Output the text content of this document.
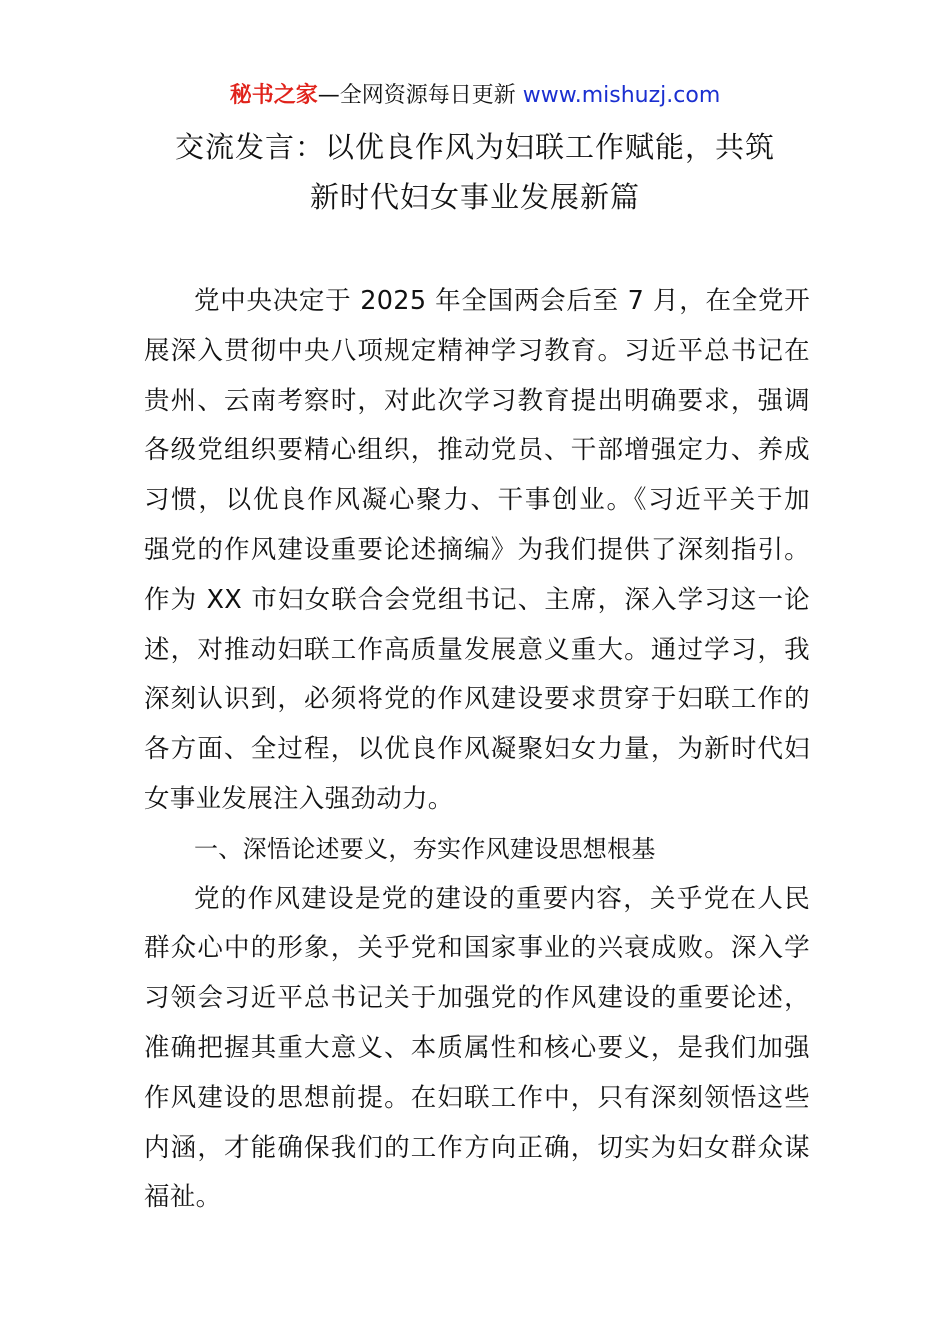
秘书之家—全网资源每日更新 www.mishuzj.com
交流发言：以优良作风为妇联工作赋能，共筑
新时代妇女事业发展新篇
党中央决定于 2025 年全国两会后至 7 月，在全党开
展深入贯彻中央八项规定精神学习教育。习近平总书记在
贵州、云南考察时，对此次学习教育提出明确要求，强调
各级党组织要精心组织，推动党员、干部增强定力、养成
习惯，以优良作风凝心聚力、干事创业。《习近平关于加
强党的作风建设重要论述摘编》为我们提供了深刻指引。
作为 XX 市妇女联合会党组书记、主席，深入学习这一论
述，对推动妇联工作高质量发展意义重大。通过学习，我
深刻认识到，必须将党的作风建设要求贯穿于妇联工作的
各方面、全过程，以优良作风凝聚妇女力量，为新时代妇
女事业发展注入强劲动力。
一、深悟论述要义，夯实作风建设思想根基
党的作风建设是党的建设的重要内容，关乎党在人民
群众心中的形象，关乎党和国家事业的兴衰成败。深入学
习领会习近平总书记关于加强党的作风建设的重要论述，
准确把握其重大意义、本质属性和核心要义，是我们加强
作风建设的思想前提。在妇联工作中，只有深刻领悟这些
内涵，才能确保我们的工作方向正确，切实为妇女群众谋
福祉。
